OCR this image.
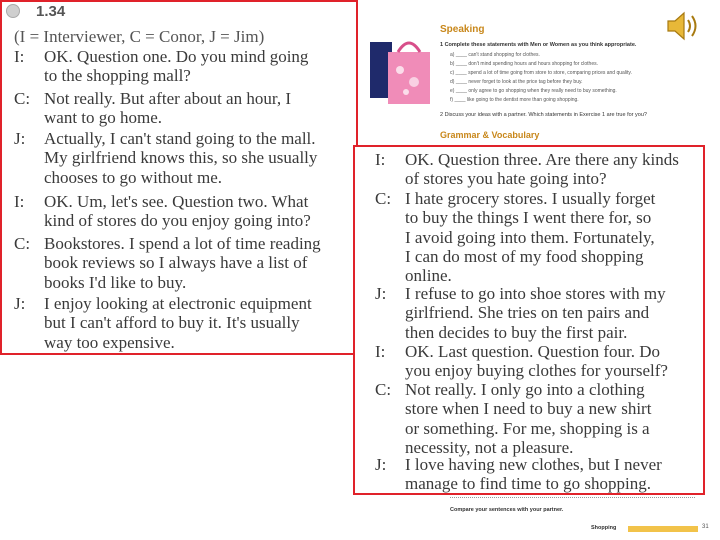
Speaking
1 Complete these statements with Men or Women as you think appropriate.
a) ____ can't stand shopping for clothes.
b) ____ don't mind spending hours and hours shopping for clothes.
c) ____ spend a lot of time going from store to store, comparing prices and quality.
d) ____ never forget to look at the price tag before they buy.
e) ____ only agree to go shopping when they really need to buy something.
f) ____ like going to the dentist more than going shopping.
2 Discuss your ideas with a partner. Which statements in Exercise 1 are true for you?
Grammar & Vocabulary
Compare your sentences with your partner.
Shopping	31
1.34
(I = Interviewer, C = Conor, J = Jim)
I: OK. Question one. Do you mind going
to the shopping mall?
C: Not really. But after about an hour, I
want to go home.
J: Actually, I can't stand going to the mall.
My girlfriend knows this, so she usually
chooses to go without me.
I: OK. Um, let's see. Question two. What
kind of stores do you enjoy going into?
C: Bookstores. I spend a lot of time reading
book reviews so I always have a list of
books I'd like to buy.
J: I enjoy looking at electronic equipment
but I can't afford to buy it. It's usually
way too expensive.
I: OK. Question three. Are there any kinds
of stores you hate going into?
C: I hate grocery stores. I usually forget
to buy the things I went there for, so
I avoid going into them. Fortunately,
I can do most of my food shopping
online.
J: I refuse to go into shoe stores with my
girlfriend. She tries on ten pairs and
then decides to buy the first pair.
I: OK. Last question. Question four. Do
you enjoy buying clothes for yourself?
C: Not really. I only go into a clothing
store when I need to buy a new shirt
or something. For me, shopping is a
necessity, not a pleasure.
J: I love having new clothes, but I never
manage to find time to go shopping.
